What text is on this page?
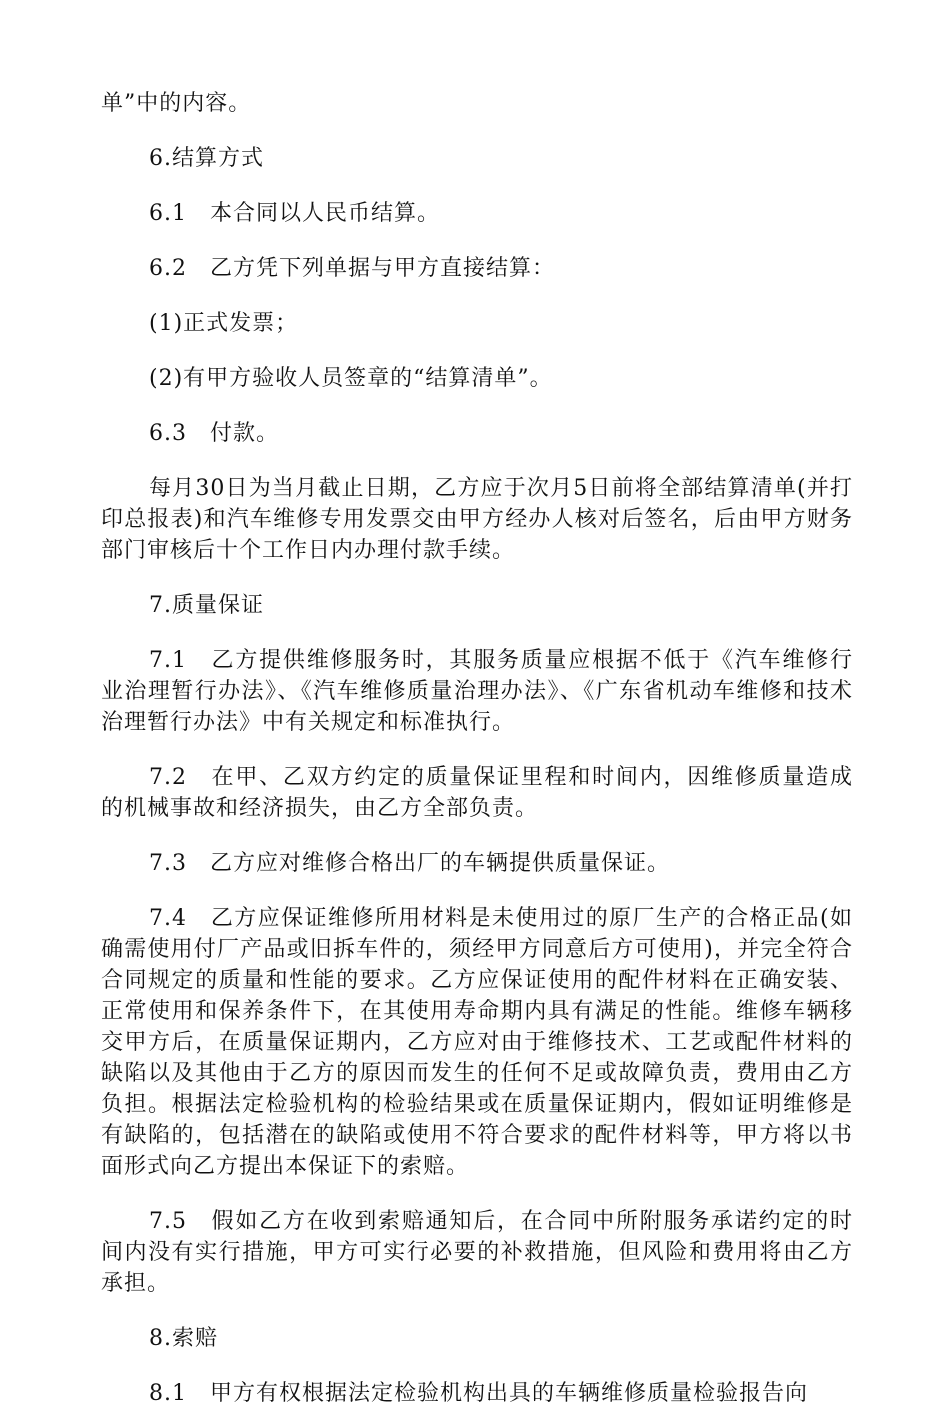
单”中的内容。

6.结算方式

6.1　本合同以人民币结算。

6.2　乙方凭下列单据与甲方直接结算：

(1)正式发票；

(2)有甲方验收人员签章的“结算清单”。

6.3　付款。

每月30日为当月截止日期，乙方应于次月5日前将全部结算清单(并打印总报表)和汽车维修专用发票交由甲方经办人核对后签名，后由甲方财务部门审核后十个工作日内办理付款手续。

7.质量保证

7.1　乙方提供维修服务时，其服务质量应根据不低于《汽车维修行业治理暂行办法》、《汽车维修质量治理办法》、《广东省机动车维修和技术治理暂行办法》中有关规定和标准执行。

7.2　在甲、乙双方约定的质量保证里程和时间内，因维修质量造成的机械事故和经济损失，由乙方全部负责。

7.3　乙方应对维修合格出厂的车辆提供质量保证。

7.4　乙方应保证维修所用材料是未使用过的原厂生产的合格正品(如确需使用付厂产品或旧拆车件的，须经甲方同意后方可使用)，并完全符合合同规定的质量和性能的要求。乙方应保证使用的配件材料在正确安装、正常使用和保养条件下，在其使用寿命期内具有满足的性能。维修车辆移交甲方后，在质量保证期内，乙方应对由于维修技术、工艺或配件材料的缺陷以及其他由于乙方的原因而发生的任何不足或故障负责，费用由乙方负担。根据法定检验机构的检验结果或在质量保证期内，假如证明维修是有缺陷的，包括潜在的缺陷或使用不符合要求的配件材料等，甲方将以书面形式向乙方提出本保证下的索赔。

7.5　假如乙方在收到索赔通知后，在合同中所附服务承诺约定的时间内没有实行措施，甲方可实行必要的补救措施，但风险和费用将由乙方承担。

8.索赔

8.1　甲方有权根据法定检验机构出具的车辆维修质量检验报告向
